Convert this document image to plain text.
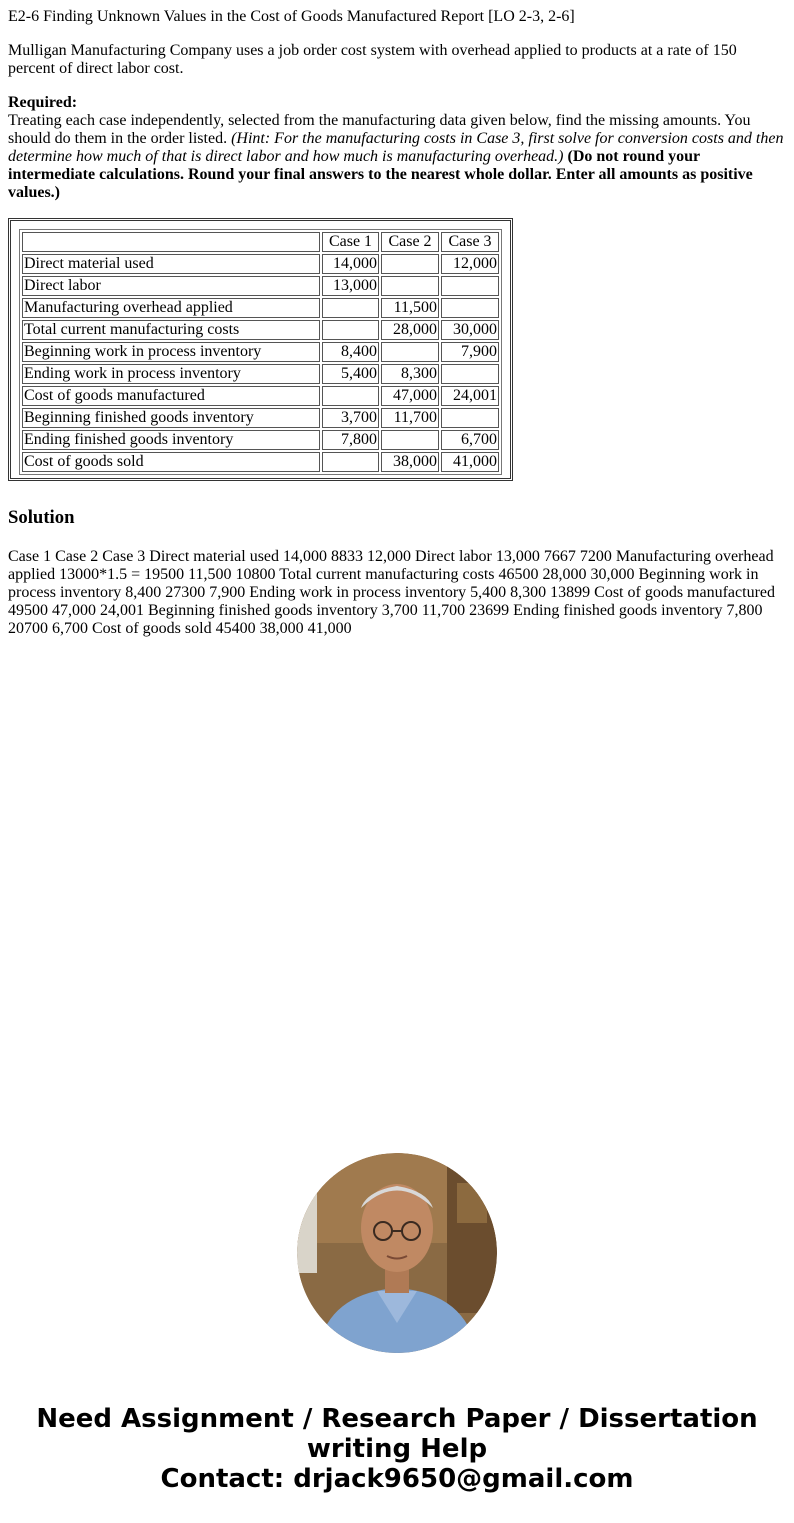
E2-6 Finding Unknown Values in the Cost of Goods Manufactured Report [LO 2-3, 2-6]

Mulligan Manufacturing Company uses a job order cost system with overhead applied to products at a rate of 150 percent of direct labor cost.

Required:
Treating each case independently, selected from the manufacturing data given below, find the missing amounts. You should do them in the order listed. (Hint: For the manufacturing costs in Case 3, first solve for conversion costs and then determine how much of that is direct labor and how much is manufacturing overhead.) (Do not round your intermediate calculations. Round your final answers to the nearest whole dollar. Enter all amounts as positive values.)

	Case 1	Case 2	Case 3
Direct material used	14,000		12,000
Direct labor	13,000		
Manufacturing overhead applied		11,500	
Total current manufacturing costs		28,000	30,000
Beginning work in process inventory	8,400		7,900
Ending work in process inventory	5,400	8,300	
Cost of goods manufactured		47,000	24,001
Beginning finished goods inventory	3,700	11,700	
Ending finished goods inventory	7,800		6,700
Cost of goods sold		38,000	41,000
Solution

Case 1 Case 2 Case 3 Direct material used 14,000 8833 12,000 Direct labor 13,000 7667 7200 Manufacturing overhead applied 13000*1.5 = 19500 11,500 10800 Total current manufacturing costs 46500 28,000 30,000 Beginning work in process inventory 8,400 27300 7,900 Ending work in process inventory 5,400 8,300 13899 Cost of goods manufactured 49500 47,000 24,001 Beginning finished goods inventory 3,700 11,700 23699 Ending finished goods inventory 7,800 20700 6,700 Cost of goods sold 45400 38,000 41,000

Need Assignment / Research Paper / Dissertation
writing Help
Contact: drjack9650@gmail.com
